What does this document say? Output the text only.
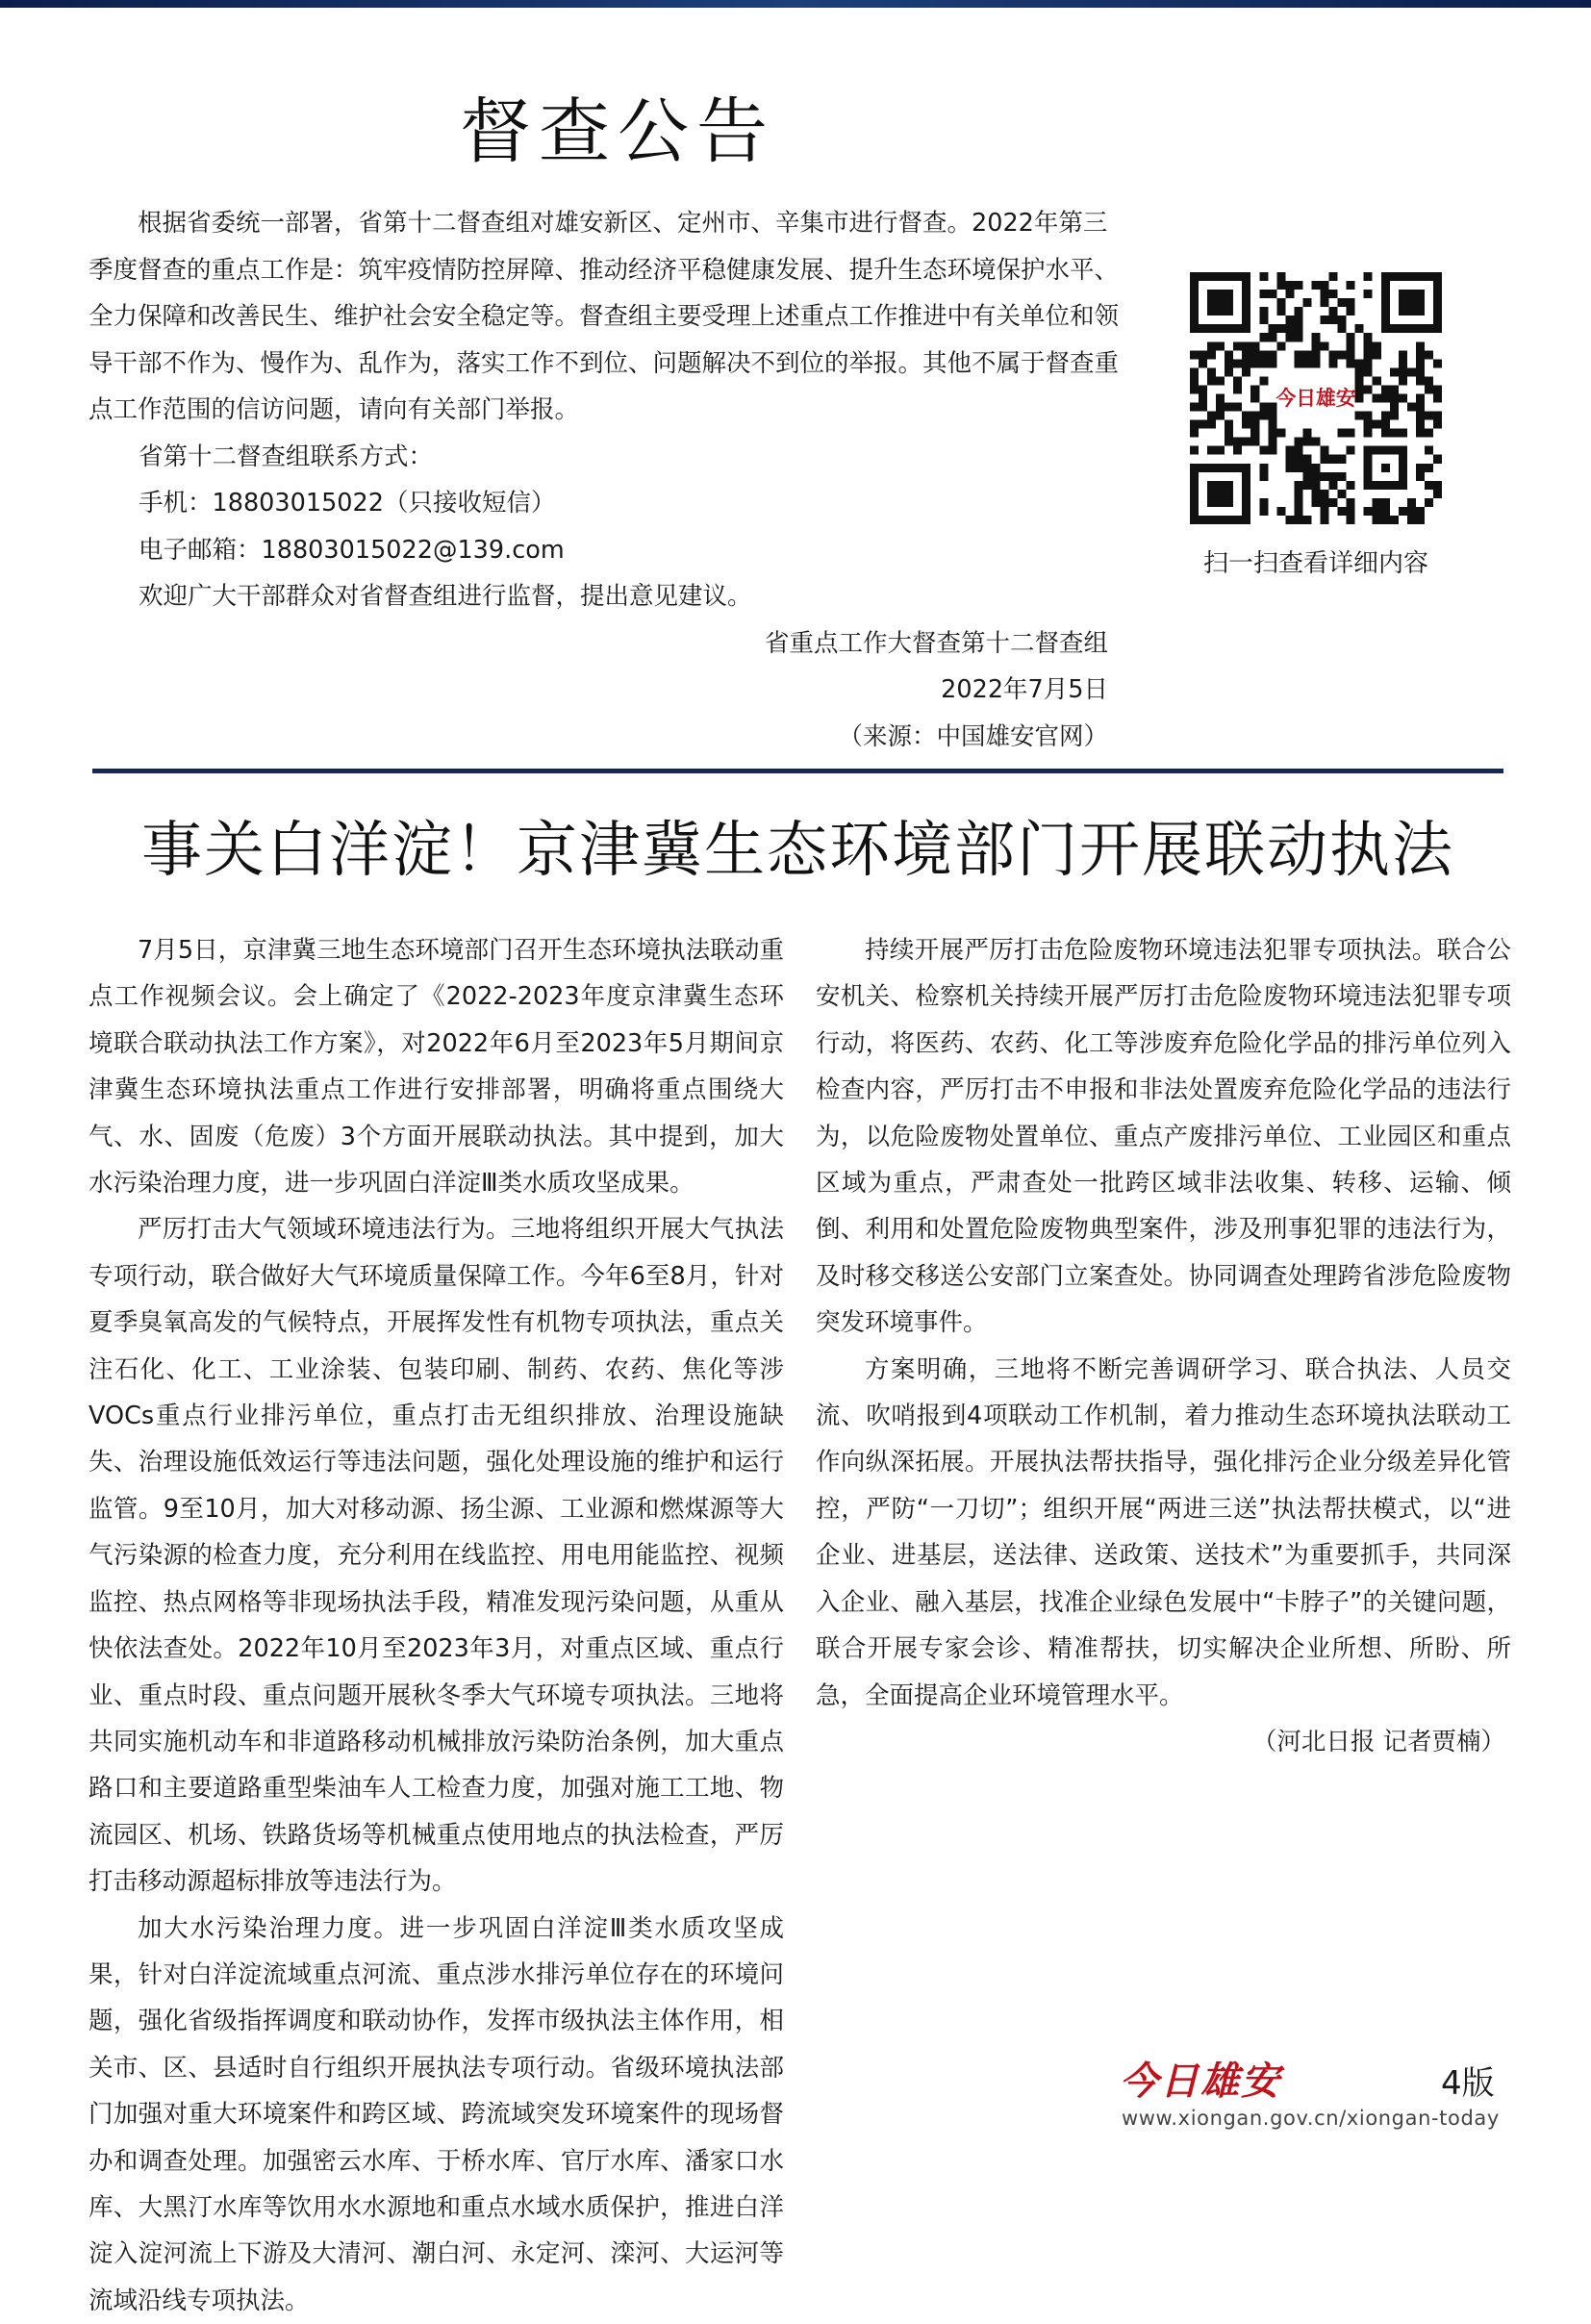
督查公告

根据省委统一部署，省第十二督查组对雄安新区、定州市、辛集市进行督查。2022年第三季度督查的重点工作是：筑牢疫情防控屏障、推动经济平稳健康发展、提升生态环境保护水平、全力保障和改善民生、维护社会安全稳定等。督查组主要受理上述重点工作推进中有关单位和领导干部不作为、慢作为、乱作为，落实工作不到位、问题解决不到位的举报。其他不属于督查重点工作范围的信访问题，请向有关部门举报。

省第十二督查组联系方式：

手机：18803015022（只接收短信）

电子邮箱：18803015022@139.com

欢迎广大干部群众对省督查组进行监督，提出意见建议。

省重点工作大督查第十二督查组

2022年7月5日

（来源：中国雄安官网）

今日雄安
扫一扫查看详细内容
事关白洋淀！京津冀生态环境部门开展联动执法

7月5日，京津冀三地生态环境部门召开生态环境执法联动重点工作视频会议。会上确定了《2022-2023年度京津冀生态环境联合联动执法工作方案》，对2022年6月至2023年5月期间京津冀生态环境执法重点工作进行安排部署，明确将重点围绕大气、水、固废（危废）3个方面开展联动执法。其中提到，加大水污染治理力度，进一步巩固白洋淀Ⅲ类水质攻坚成果。

严厉打击大气领域环境违法行为。三地将组织开展大气执法专项行动，联合做好大气环境质量保障工作。今年6至8月，针对夏季臭氧高发的气候特点，开展挥发性有机物专项执法，重点关注石化、化工、工业涂装、包装印刷、制药、农药、焦化等涉VOCs重点行业排污单位，重点打击无组织排放、治理设施缺失、治理设施低效运行等违法问题，强化处理设施的维护和运行监管。9至10月，加大对移动源、扬尘源、工业源和燃煤源等大气污染源的检查力度，充分利用在线监控、用电用能监控、视频监控、热点网格等非现场执法手段，精准发现污染问题，从重从快依法查处。2022年10月至2023年3月，对重点区域、重点行业、重点时段、重点问题开展秋冬季大气环境专项执法。三地将共同实施机动车和非道路移动机械排放污染防治条例，加大重点路口和主要道路重型柴油车人工检查力度，加强对施工工地、物流园区、机场、铁路货场等机械重点使用地点的执法检查，严厉打击移动源超标排放等违法行为。

加大水污染治理力度。进一步巩固白洋淀Ⅲ类水质攻坚成果，针对白洋淀流域重点河流、重点涉水排污单位存在的环境问题，强化省级指挥调度和联动协作，发挥市级执法主体作用，相关市、区、县适时自行组织开展执法专项行动。省级环境执法部门加强对重大环境案件和跨区域、跨流域突发环境案件的现场督办和调查处理。加强密云水库、于桥水库、官厅水库、潘家口水库、大黑汀水库等饮用水水源地和重点水域水质保护，推进白洋淀入淀河流上下游及大清河、潮白河、永定河、滦河、大运河等流域沿线专项执法。

持续开展严厉打击危险废物环境违法犯罪专项执法。联合公安机关、检察机关持续开展严厉打击危险废物环境违法犯罪专项行动，将医药、农药、化工等涉废弃危险化学品的排污单位列入检查内容，严厉打击不申报和非法处置废弃危险化学品的违法行为，以危险废物处置单位、重点产废排污单位、工业园区和重点区域为重点，严肃查处一批跨区域非法收集、转移、运输、倾倒、利用和处置危险废物典型案件，涉及刑事犯罪的违法行为，及时移交移送公安部门立案查处。协同调查处理跨省涉危险废物突发环境事件。

方案明确，三地将不断完善调研学习、联合执法、人员交流、吹哨报到4项联动工作机制，着力推动生态环境执法联动工作向纵深拓展。开展执法帮扶指导，强化排污企业分级差异化管控，严防“一刀切”；组织开展“两进三送”执法帮扶模式，以“进企业、进基层，送法律、送政策、送技术”为重要抓手，共同深入企业、融入基层，找准企业绿色发展中“卡脖子”的关键问题，联合开展专家会诊、精准帮扶，切实解决企业所想、所盼、所急，全面提高企业环境管理水平。

（河北日报 记者贾楠）

今日雄安	4版
www.xiongan.gov.cn/xiongan-today
